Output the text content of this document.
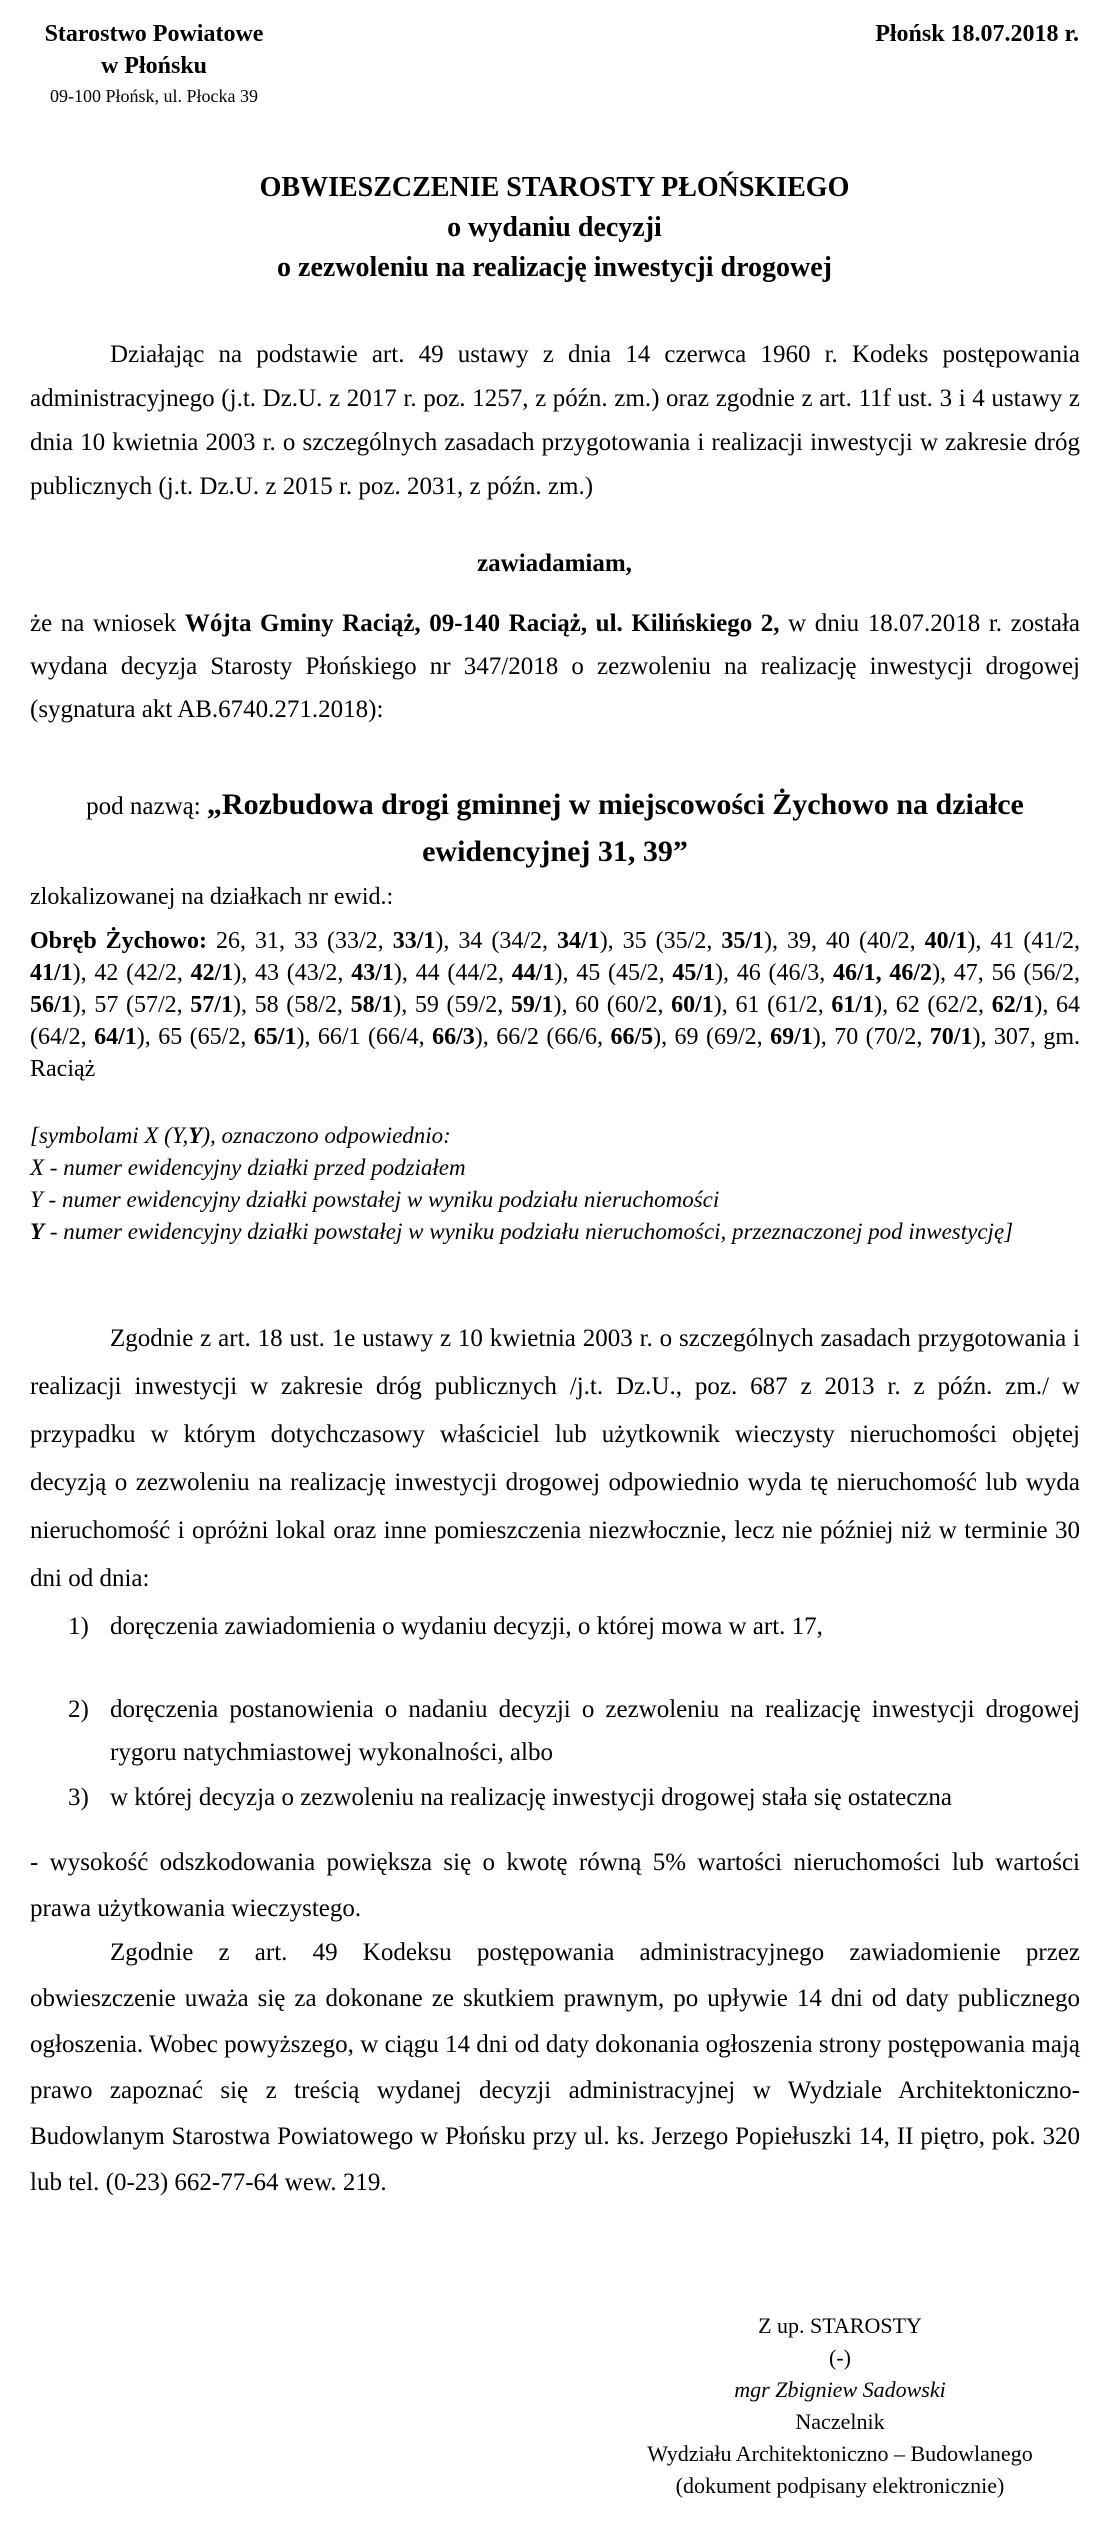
Starostwo Powiatowe
w Płońsku
09-100 Płońsk, ul. Płocka 39
Płońsk 18.07.2018 r.
OBWIESZCZENIE STAROSTY PŁOŃSKIEGO
o wydaniu decyzji
o zezwoleniu na realizację inwestycji drogowej
Działając na podstawie art. 49 ustawy z dnia 14 czerwca 1960 r. Kodeks postępowania administracyjnego (j.t. Dz.U. z 2017 r. poz. 1257, z późn. zm.) oraz zgodnie z art. 11f ust. 3 i 4 ustawy z dnia 10 kwietnia 2003 r. o szczególnych zasadach przygotowania i realizacji inwestycji w zakresie dróg publicznych (j.t. Dz.U. z 2015 r. poz. 2031, z późn. zm.)
zawiadamiam,
że na wniosek Wójta Gminy Raciąż, 09-140 Raciąż, ul. Kilińskiego 2, w dniu 18.07.2018 r. została wydana decyzja Starosty Płońskiego nr 347/2018 o zezwoleniu na realizację inwestycji drogowej (sygnatura akt AB.6740.271.2018):
pod nazwą: „Rozbudowa drogi gminnej w miejscowości Żychowo na działce ewidencyjnej 31, 39”
zlokalizowanej na działkach nr ewid.:
Obręb Żychowo: 26, 31, 33 (33/2, 33/1), 34 (34/2, 34/1), 35 (35/2, 35/1), 39, 40 (40/2, 40/1), 41 (41/2, 41/1), 42 (42/2, 42/1), 43 (43/2, 43/1), 44 (44/2, 44/1), 45 (45/2, 45/1), 46 (46/3, 46/1, 46/2), 47, 56 (56/2, 56/1), 57 (57/2, 57/1), 58 (58/2, 58/1), 59 (59/2, 59/1), 60 (60/2, 60/1), 61 (61/2, 61/1), 62 (62/2, 62/1), 64 (64/2, 64/1), 65 (65/2, 65/1), 66/1 (66/4, 66/3), 66/2 (66/6, 66/5), 69 (69/2, 69/1), 70 (70/2, 70/1), 307, gm. Raciąż
[symbolami X (Y,Y), oznaczono odpowiednio:
X - numer ewidencyjny działki przed podziałem
Y - numer ewidencyjny działki powstałej w wyniku podziału nieruchomości
Y - numer ewidencyjny działki powstałej w wyniku podziału nieruchomości, przeznaczonej pod inwestycję]
Zgodnie z art. 18 ust. 1e ustawy z 10 kwietnia 2003 r. o szczególnych zasadach przygotowania i realizacji inwestycji w zakresie dróg publicznych /j.t. Dz.U., poz. 687 z 2013 r. z późn. zm./ w przypadku w którym dotychczasowy właściciel lub użytkownik wieczysty nieruchomości objętej decyzją o zezwoleniu na realizację inwestycji drogowej odpowiednio wyda tę nieruchomość lub wyda nieruchomość i opróżni lokal oraz inne pomieszczenia niezwłocznie, lecz nie później niż w terminie 30 dni od dnia:
1) doręczenia zawiadomienia o wydaniu decyzji, o której mowa w art. 17,
2) doręczenia postanowienia o nadaniu decyzji o zezwoleniu na realizację inwestycji drogowej rygoru natychmiastowej wykonalności, albo
3) w której decyzja o zezwoleniu na realizację inwestycji drogowej stała się ostateczna
- wysokość odszkodowania powiększa się o kwotę równą 5% wartości nieruchomości lub wartości prawa użytkowania wieczystego.
Zgodnie z art. 49 Kodeksu postępowania administracyjnego zawiadomienie przez obwieszczenie uważa się za dokonane ze skutkiem prawnym, po upływie 14 dni od daty publicznego ogłoszenia. Wobec powyższego, w ciągu 14 dni od daty dokonania ogłoszenia strony postępowania mają prawo zapoznać się z treścią wydanej decyzji administracyjnej w Wydziale Architektoniczno-Budowlanym Starostwa Powiatowego w Płońsku przy ul. ks. Jerzego Popiełuszki 14, II piętro, pok. 320 lub tel. (0-23) 662-77-64 wew. 219.
Z up. STAROSTY
(-)
mgr Zbigniew Sadowski
Naczelnik
Wydziału Architektoniczno – Budowlanego
(dokument podpisany elektronicznie)
